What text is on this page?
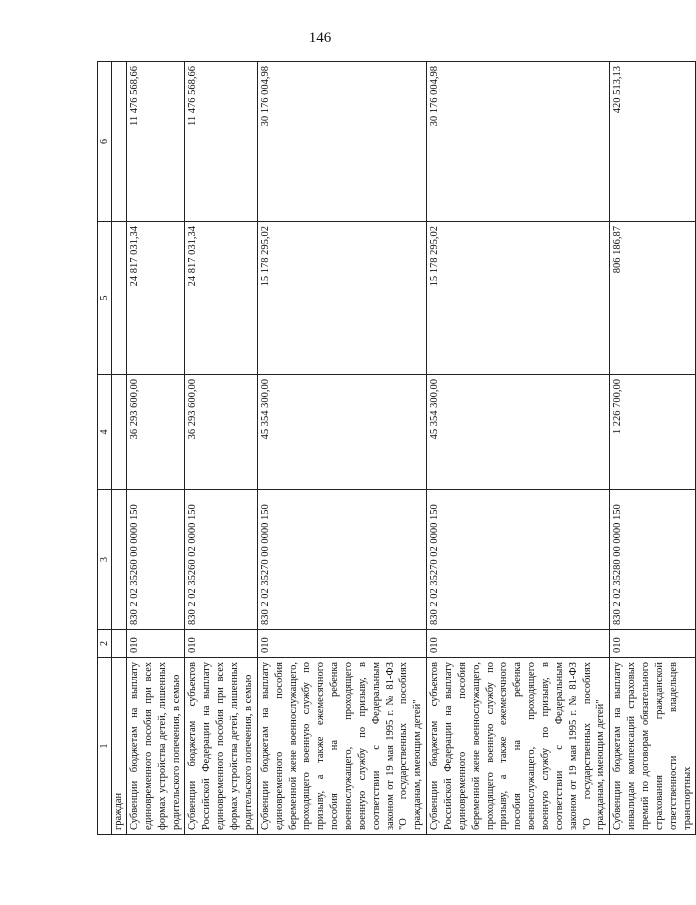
146
1	2	3	4	5	6
граждан					
Субвенции бюджетам на выплату единовременного пособия при всех формах устройства детей, лишенных родительского попечения, в семью	010	830 2 02 35260 00 0000 150	36 293 600,00	24 817 031,34	11 476 568,66
Субвенции бюджетам субъектов Российской Федерации на выплату единовременного пособия при всех формах устройства детей, лишенных родительского попечения, в семью	010	830 2 02 35260 02 0000 150	36 293 600,00	24 817 031,34	11 476 568,66
Субвенции бюджетам на выплату единовременного пособия беременной жене военнослужащего, проходящего военную службу по призыву, а также ежемесячного пособия на ребенка военнослужащего, проходящего военную службу по призыву, в соответствии с Федеральным законом от 19 мая 1995 г. № 81-ФЗ "О государственных пособиях гражданам, имеющим детей"	010	830 2 02 35270 00 0000 150	45 354 300,00	15 178 295,02	30 176 004,98
Субвенции бюджетам субъектов Российской Федерации на выплату единовременного пособия беременной жене военнослужащего, проходящего военную службу по призыву, а также ежемесячного пособия на ребенка военнослужащего, проходящего военную службу по призыву, в соответствии с Федеральным законом от 19 мая 1995 г. № 81-ФЗ "О государственных пособиях гражданам, имеющим детей"	010	830 2 02 35270 02 0000 150	45 354 300,00	15 178 295,02	30 176 004,98
Субвенции бюджетам на выплату инвалидам компенсаций страховых премий по договорам обязательного страхования гражданской ответственности владельцев транспортных	010	830 2 02 35280 00 0000 150	1 226 700,00	806 186,87	420 513,13
